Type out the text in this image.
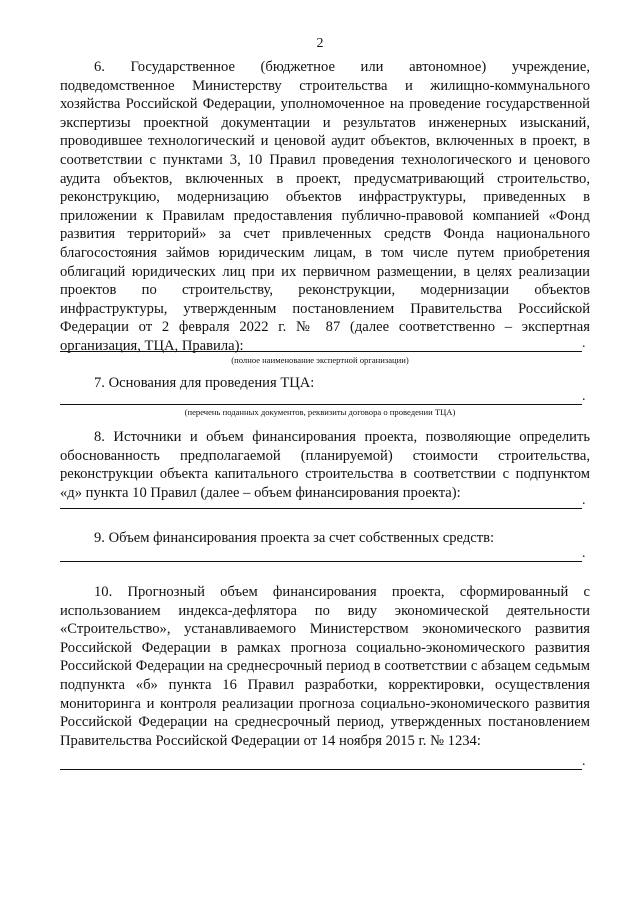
2

6. Государственное (бюджетное или автономное) учреждение, подведомственное Министерству строительства и жилищно-коммунального хозяйства Российской Федерации, уполномоченное на проведение государственной экспертизы проектной документации и результатов инженерных изысканий, проводившее технологический и ценовой аудит объектов, включенных в проект, в соответствии с пунктами 3, 10 Правил проведения технологического и ценового аудита объектов, включенных в проект, предусматривающий строительство, реконструкцию, модернизацию объектов инфраструктуры, приведенных в приложении к Правилам предоставления публично-правовой компанией «Фонд развития территорий» за счет привлеченных средств Фонда национального благосостояния займов юридическим лицам, в том числе путем приобретения облигаций юридических лиц при их первичном размещении, в целях реализации проектов по строительству, реконструкции, модернизации объектов инфраструктуры, утвержденным постановлением Правительства Российской Федерации от 2 февраля 2022 г. № 87 (далее соответственно – экспертная организация, ТЦА, Правила):	.
(полное наименование экспертной организации)

7. Основания для проведения ТЦА:

.
(перечень поданных документов, реквизиты договора о проведении ТЦА)

8. Источники и объем финансирования проекта, позволяющие определить обоснованность предполагаемой (планируемой) стоимости строительства, реконструкции объекта капитального строительства в соответствии с подпунктом «д» пункта 10 Правил (далее – объем финансирования проекта):	.

9. Объем финансирования проекта за счет собственных средств:

.

10. Прогнозный объем финансирования проекта, сформированный с использованием индекса-дефлятора по виду экономической деятельности «Строительство», устанавливаемого Министерством экономического развития Российской Федерации в рамках прогноза социально-экономического развития Российской Федерации на среднесрочный период в соответствии с абзацем седьмым подпункта «б» пункта 16 Правил разработки, корректировки, осуществления мониторинга и контроля реализации прогноза социально-экономического развития Российской Федерации на среднесрочный период, утвержденных постановлением Правительства Российской Федерации от 14 ноября 2015 г. № 1234:

.
